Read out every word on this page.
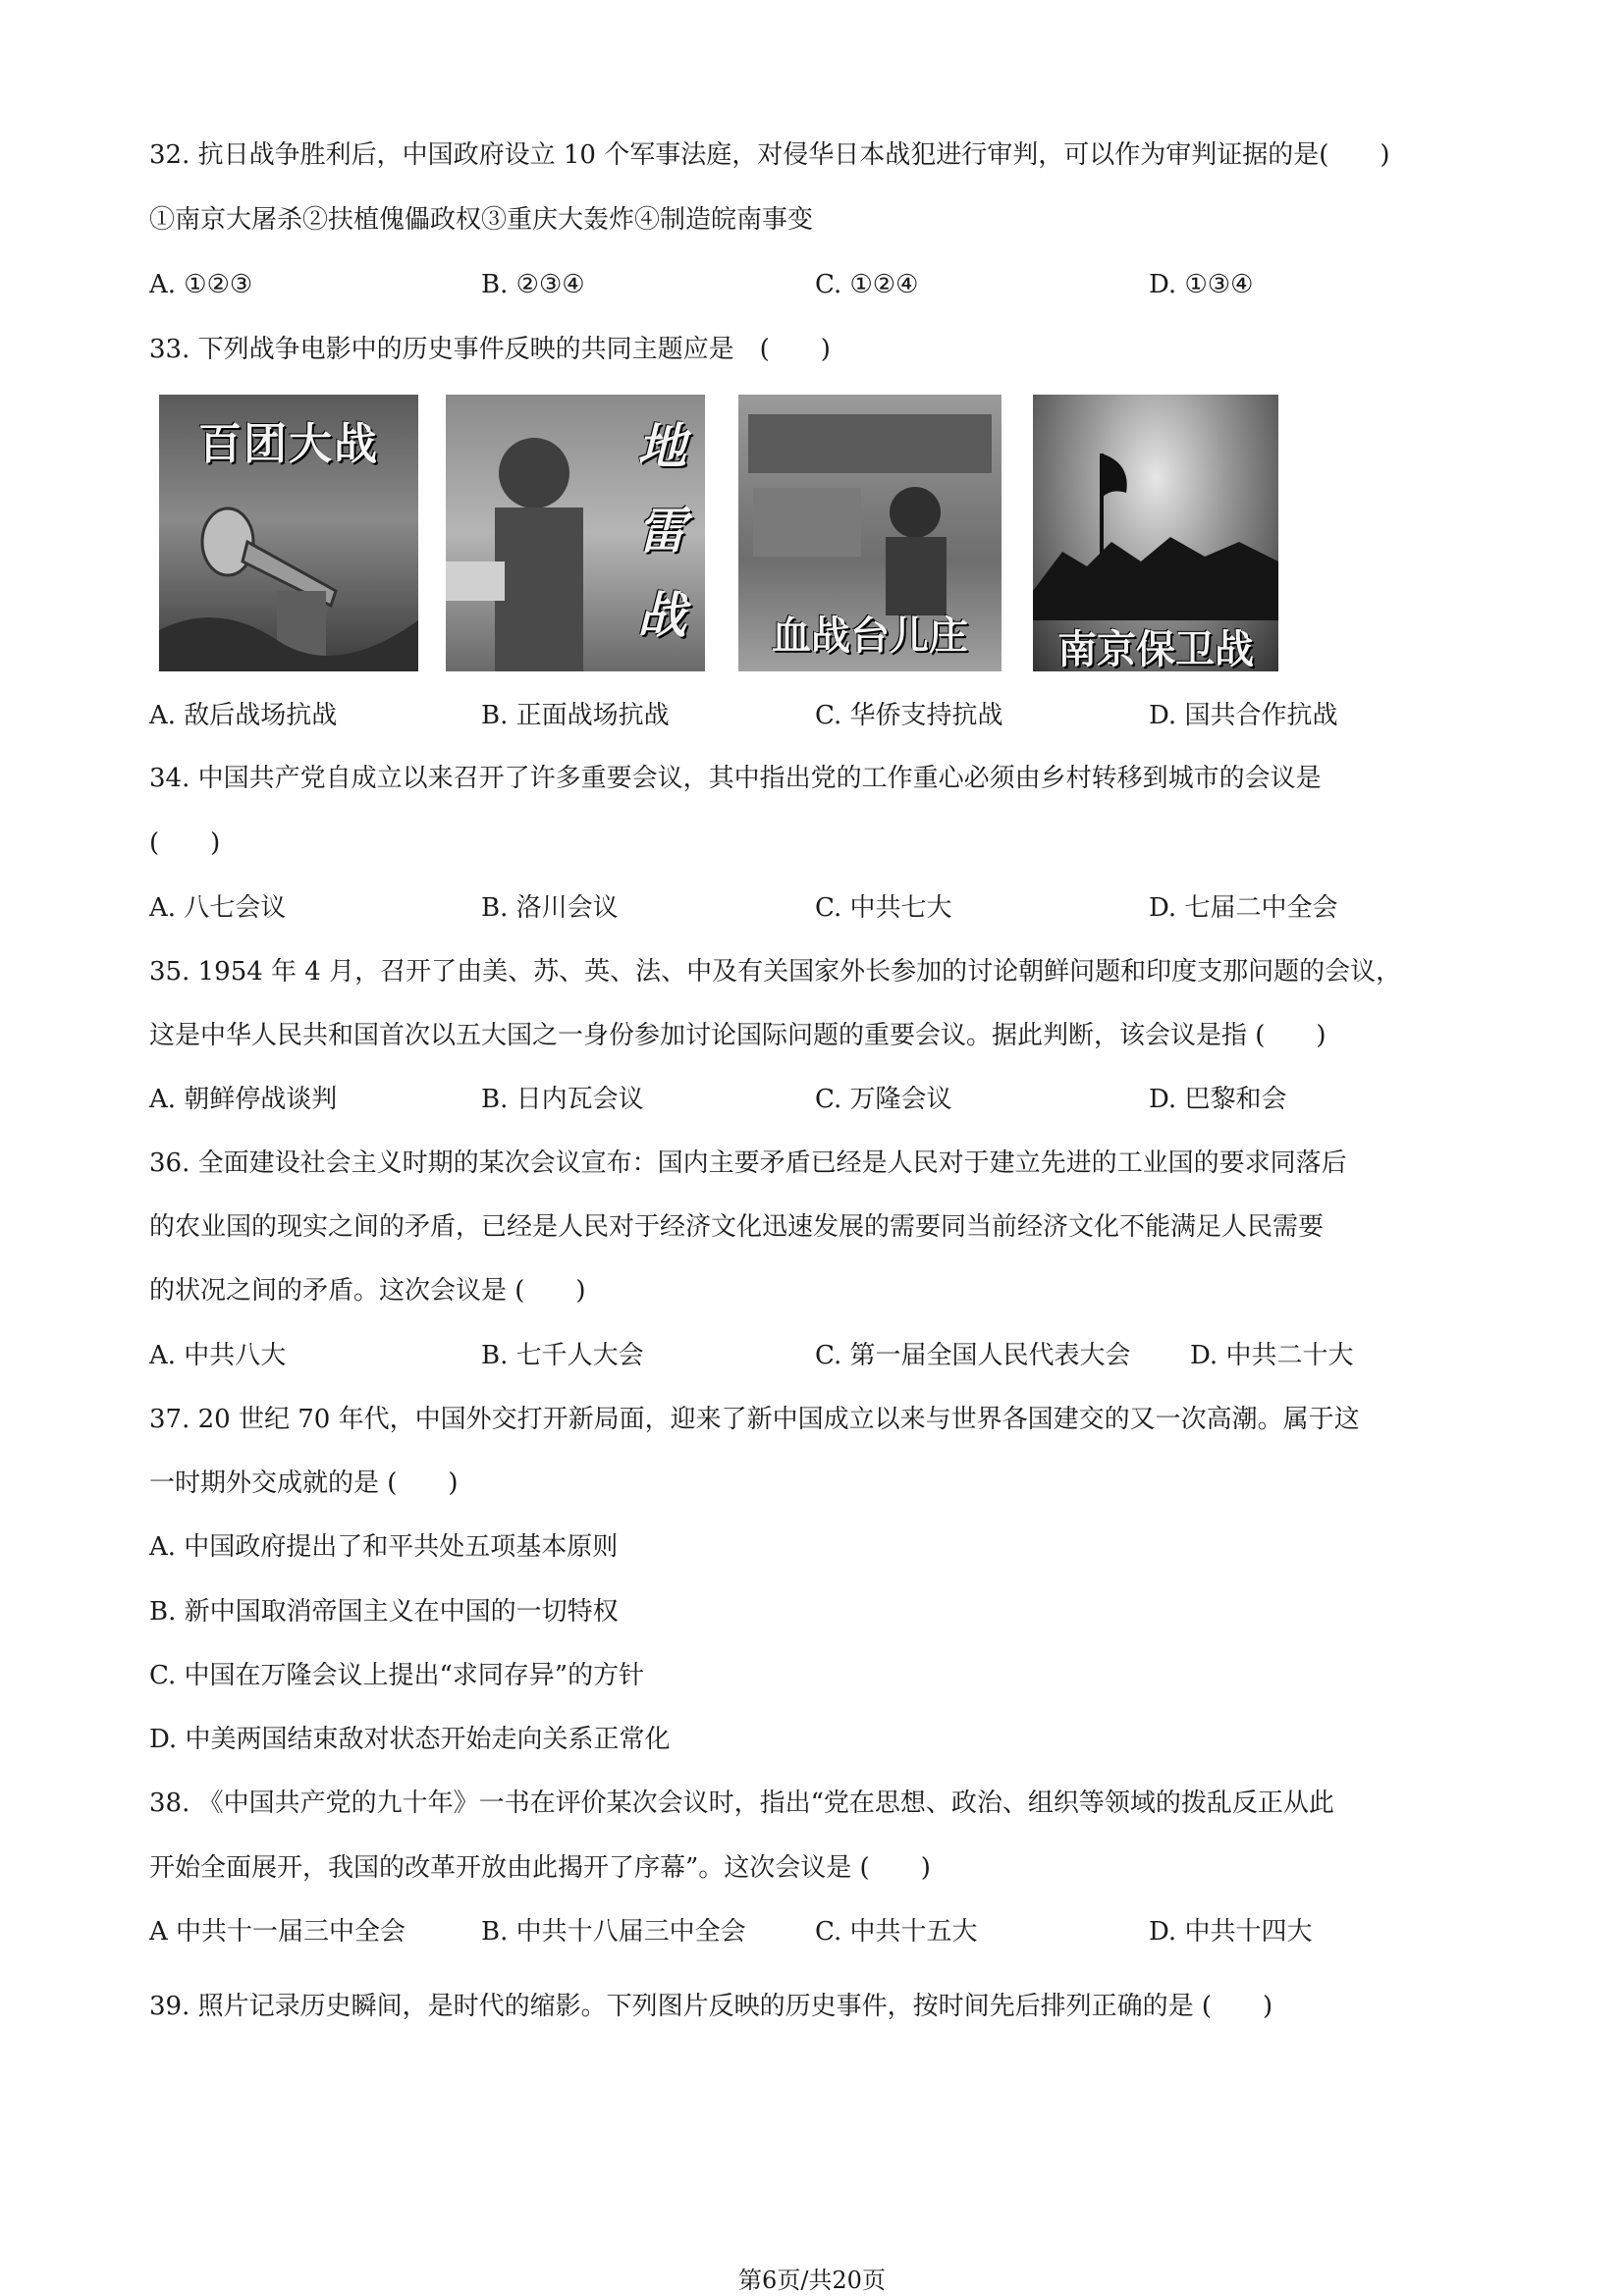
32. 抗日战争胜利后，中国政府设立 10 个军事法庭，对侵华日本战犯进行审判，可以作为审判证据的是(　　)
①南京大屠杀②扶植傀儡政权③重庆大轰炸④制造皖南事变
A. ①②③	B. ②③④	C. ①②④	D. ①③④
33. 下列战争电影中的历史事件反映的共同主题应是　(　　)
百团大战	地雷战	血战台儿庄	南京保卫战
A. 敌后战场抗战	B. 正面战场抗战	C. 华侨支持抗战	D. 国共合作抗战
34. 中国共产党自成立以来召开了许多重要会议，其中指出党的工作重心必须由乡村转移到城市的会议是
(　　)
A. 八七会议	B. 洛川会议	C. 中共七大	D. 七届二中全会
35. 1954 年 4 月，召开了由美、苏、英、法、中及有关国家外长参加的讨论朝鲜问题和印度支那问题的会议，
这是中华人民共和国首次以五大国之一身份参加讨论国际问题的重要会议。据此判断，该会议是指 (　　)
A. 朝鲜停战谈判	B. 日内瓦会议	C. 万隆会议	D. 巴黎和会
36. 全面建设社会主义时期的某次会议宣布：国内主要矛盾已经是人民对于建立先进的工业国的要求同落后
的农业国的现实之间的矛盾，已经是人民对于经济文化迅速发展的需要同当前经济文化不能满足人民需要
的状况之间的矛盾。这次会议是 (　　)
A. 中共八大	B. 七千人大会	C. 第一届全国人民代表大会 D. 中共二十大
37. 20 世纪 70 年代，中国外交打开新局面，迎来了新中国成立以来与世界各国建交的又一次高潮。属于这
一时期外交成就的是 (　　)
A. 中国政府提出了和平共处五项基本原则
B. 新中国取消帝国主义在中国的一切特权
C. 中国在万隆会议上提出“求同存异”的方针
D. 中美两国结束敌对状态开始走向关系正常化
38. 《中国共产党的九十年》一书在评价某次会议时，指出“党在思想、政治、组织等领域的拨乱反正从此
开始全面展开，我国的改革开放由此揭开了序幕”。这次会议是 (　　)
A 中共十一届三中全会	B. 中共十八届三中全会	C. 中共十五大	D. 中共十四大
39. 照片记录历史瞬间，是时代的缩影。下列图片反映的历史事件，按时间先后排列正确的是 (　　)
第6页/共20页
